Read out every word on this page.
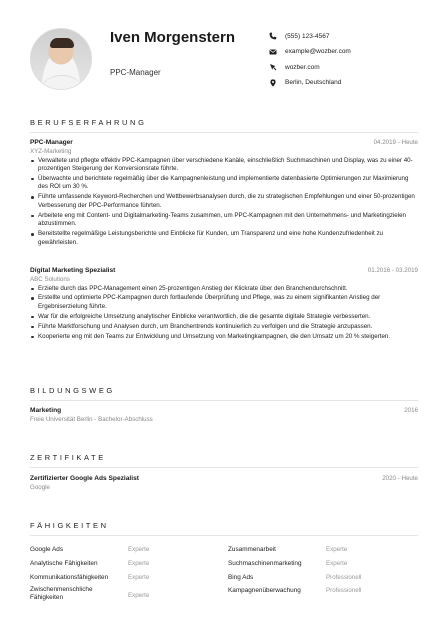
Iven Morgenstern
PPC-Manager
(555) 123-4567
example@wozber.com
wozber.com
Berlin, Deutschland
BERUFSERFAHRUNG
PPC-Manager	04.2019 - Heute
XYZ-Marketing
Verwaltete und pflegte effektiv PPC-Kampagnen über verschiedene Kanäle, einschließlich Suchmaschinen und Display, was zu einer 40-prozentigen Steigerung der Konversionsrate führte.
Überwachte und berichtete regelmäßig über die Kampagnenleistung und implementierte datenbasierte Optimierungen zur Maximierung des ROI um 30 %.
Führte umfassende Keyword-Recherchen und Wettbewerbsanalysen durch, die zu strategischen Empfehlungen und einer 50-prozentigen Verbesserung der PPC-Performance führten.
Arbeitete eng mit Content- und Digitalmarketing-Teams zusammen, um PPC-Kampagnen mit den Unternehmens- und Marketingzielen abzustimmen.
Bereitstellte regelmäßige Leistungsberichte und Einblicke für Kunden, um Transparenz und eine hohe Kundenzufriedenheit zu gewährleisten.
Digital Marketing Spezialist	01.2016 - 03.2019
ABC Solutions
Erzielte durch das PPC-Management einen 25-prozentigen Anstieg der Klickrate über den Branchendurchschnitt.
Erstellte und optimierte PPC-Kampagnen durch fortlaufende Überprüfung und Pflege, was zu einem signifikanten Anstieg der Ergebniserzielung führte.
War für die erfolgreiche Umsetzung analytischer Einblicke verantwortlich, die die gesamte digitale Strategie verbesserten.
Führte Marktforschung und Analysen durch, um Branchentrends kontinuierlich zu verfolgen und die Strategie anzupassen.
Kooperierte eng mit den Teams zur Entwicklung und Umsetzung von Marketingkampagnen, die den Umsatz um 20 % steigerten.
BILDUNGSWEG
Marketing	2016
Freie Universität Berlin - Bachelor-Abschluss
ZERTIFIKATE
Zertifizierter Google Ads Spezialist	2020 - Heute
Google
FÄHIGKEITEN
Google Ads	Experte
Analytische Fähigkeiten	Experte
Kommunikationsfähigkeiten	Experte
Zwischenmenschliche Fähigkeiten	Experte
Zusammenarbeit	Experte
Suchmaschinenmarketing	Experte
Bing Ads	Professionell
Kampagnenüberwachung	Professionell
